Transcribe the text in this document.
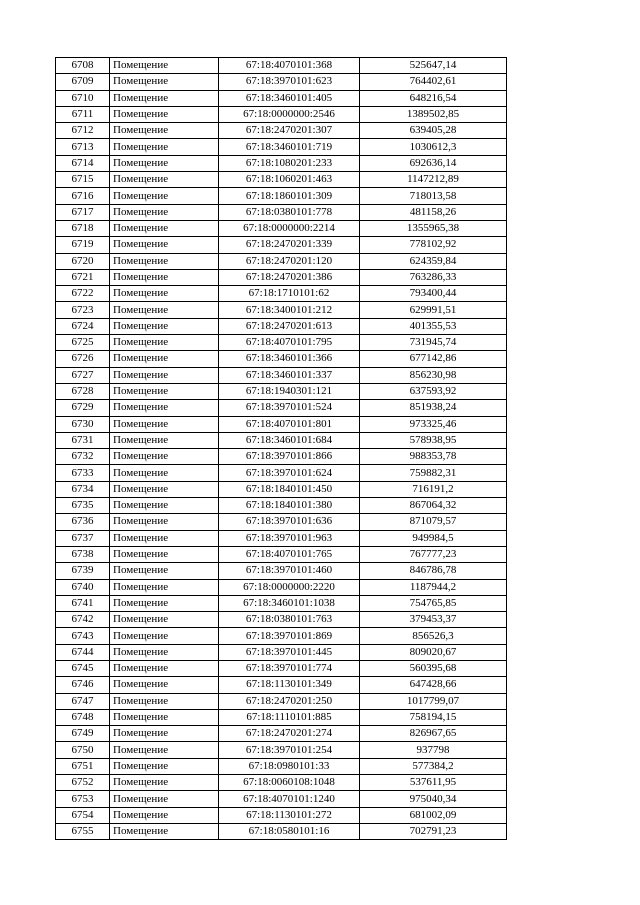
6708	Помещение	67:18:4070101:368	525647,14
6709	Помещение	67:18:3970101:623	764402,61
6710	Помещение	67:18:3460101:405	648216,54
6711	Помещение	67:18:0000000:2546	1389502,85
6712	Помещение	67:18:2470201:307	639405,28
6713	Помещение	67:18:3460101:719	1030612,3
6714	Помещение	67:18:1080201:233	692636,14
6715	Помещение	67:18:1060201:463	1147212,89
6716	Помещение	67:18:1860101:309	718013,58
6717	Помещение	67:18:0380101:778	481158,26
6718	Помещение	67:18:0000000:2214	1355965,38
6719	Помещение	67:18:2470201:339	778102,92
6720	Помещение	67:18:2470201:120	624359,84
6721	Помещение	67:18:2470201:386	763286,33
6722	Помещение	67:18:1710101:62	793400,44
6723	Помещение	67:18:3400101:212	629991,51
6724	Помещение	67:18:2470201:613	401355,53
6725	Помещение	67:18:4070101:795	731945,74
6726	Помещение	67:18:3460101:366	677142,86
6727	Помещение	67:18:3460101:337	856230,98
6728	Помещение	67:18:1940301:121	637593,92
6729	Помещение	67:18:3970101:524	851938,24
6730	Помещение	67:18:4070101:801	973325,46
6731	Помещение	67:18:3460101:684	578938,95
6732	Помещение	67:18:3970101:866	988353,78
6733	Помещение	67:18:3970101:624	759882,31
6734	Помещение	67:18:1840101:450	716191,2
6735	Помещение	67:18:1840101:380	867064,32
6736	Помещение	67:18:3970101:636	871079,57
6737	Помещение	67:18:3970101:963	949984,5
6738	Помещение	67:18:4070101:765	767777,23
6739	Помещение	67:18:3970101:460	846786,78
6740	Помещение	67:18:0000000:2220	1187944,2
6741	Помещение	67:18:3460101:1038	754765,85
6742	Помещение	67:18:0380101:763	379453,37
6743	Помещение	67:18:3970101:869	856526,3
6744	Помещение	67:18:3970101:445	809020,67
6745	Помещение	67:18:3970101:774	560395,68
6746	Помещение	67:18:1130101:349	647428,66
6747	Помещение	67:18:2470201:250	1017799,07
6748	Помещение	67:18:1110101:885	758194,15
6749	Помещение	67:18:2470201:274	826967,65
6750	Помещение	67:18:3970101:254	937798
6751	Помещение	67:18:0980101:33	577384,2
6752	Помещение	67:18:0060108:1048	537611,95
6753	Помещение	67:18:4070101:1240	975040,34
6754	Помещение	67:18:1130101:272	681002,09
6755	Помещение	67:18:0580101:16	702791,23
